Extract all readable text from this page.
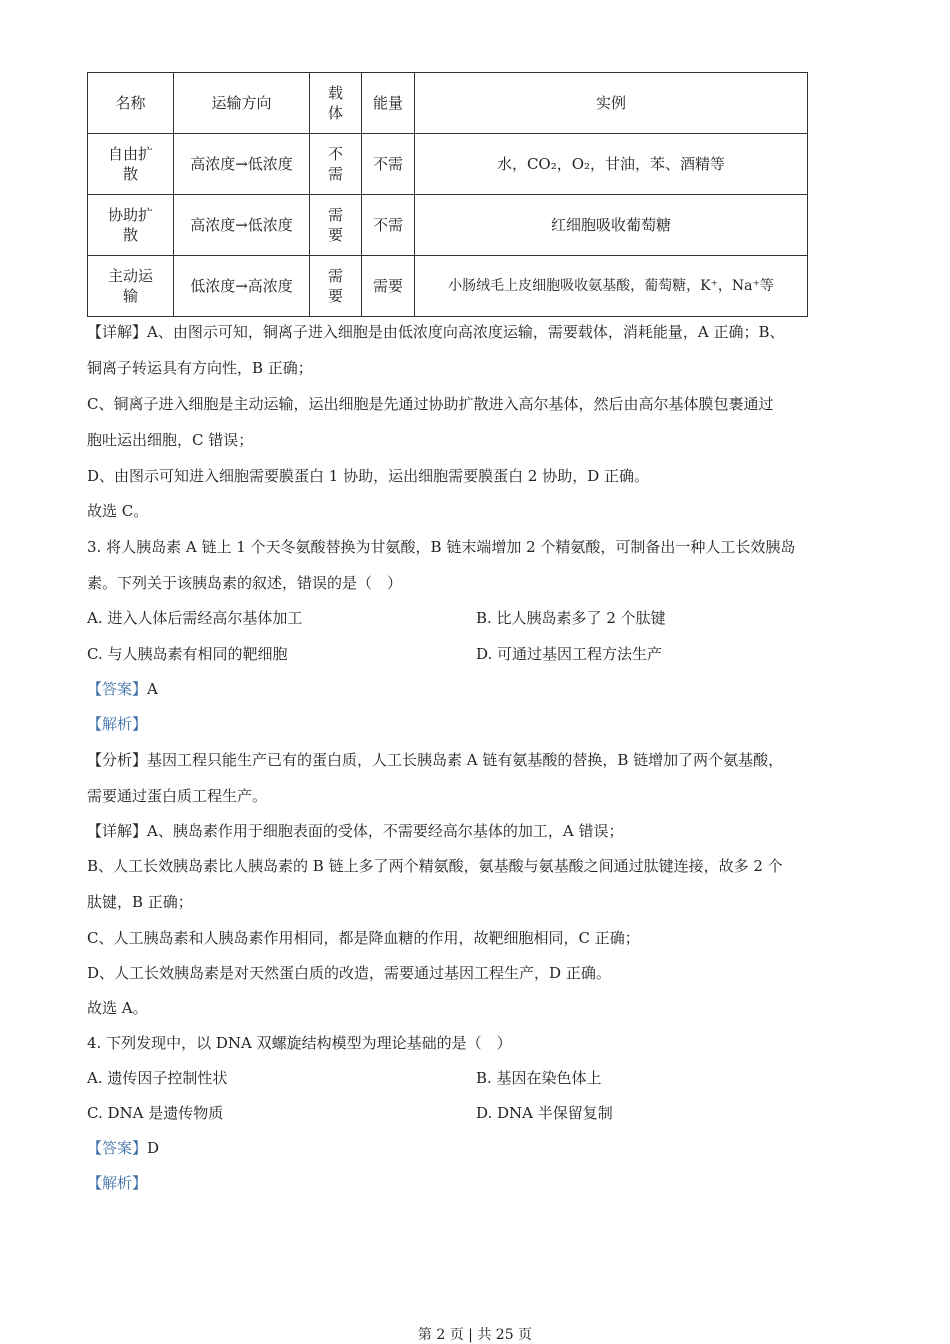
名称	运输方向	载体	能量	实例

自由扩散	高浓度→低浓度	不需	不需	水，CO₂，O₂，甘油，苯、酒精等

协助扩散	高浓度→低浓度	需要	不需	红细胞吸收葡萄糖

主动运输	低浓度→高浓度	需要	需要	小肠绒毛上皮细胞吸收氨基酸，葡萄糖，K⁺，Na⁺等
【详解】A、由图示可知，铜离子进入细胞是由低浓度向高浓度运输，需要载体，消耗能量，A 正确；B、
铜离子转运具有方向性，B 正确；
C、铜离子进入细胞是主动运输，运出细胞是先通过协助扩散进入高尔基体，然后由高尔基体膜包裹通过
胞吐运出细胞，C 错误；
D、由图示可知进入细胞需要膜蛋白 1 协助，运出细胞需要膜蛋白 2 协助，D 正确。
故选 C。
3. 将人胰岛素 A 链上 1 个天冬氨酸替换为甘氨酸，B 链末端增加 2 个精氨酸，可制备出一种人工长效胰岛
素。下列关于该胰岛素的叙述，错误的是（　）
A. 进入人体后需经高尔基体加工	B. 比人胰岛素多了 2 个肽键
C. 与人胰岛素有相同的靶细胞	D. 可通过基因工程方法生产
【答案】A
【解析】
【分析】基因工程只能生产已有的蛋白质，人工长胰岛素 A 链有氨基酸的替换，B 链增加了两个氨基酸，
需要通过蛋白质工程生产。
【详解】A、胰岛素作用于细胞表面的受体，不需要经高尔基体的加工，A 错误；
B、人工长效胰岛素比人胰岛素的 B 链上多了两个精氨酸，氨基酸与氨基酸之间通过肽键连接，故多 2 个
肽键，B 正确；
C、人工胰岛素和人胰岛素作用相同，都是降血糖的作用，故靶细胞相同，C 正确；
D、人工长效胰岛素是对天然蛋白质的改造，需要通过基因工程生产，D 正确。
故选 A。
4. 下列发现中，以 DNA 双螺旋结构模型为理论基础的是（　）
A. 遗传因子控制性状	B. 基因在染色体上
C. DNA 是遗传物质	D. DNA 半保留复制
【答案】D
【解析】
第 2 页 | 共 25 页
